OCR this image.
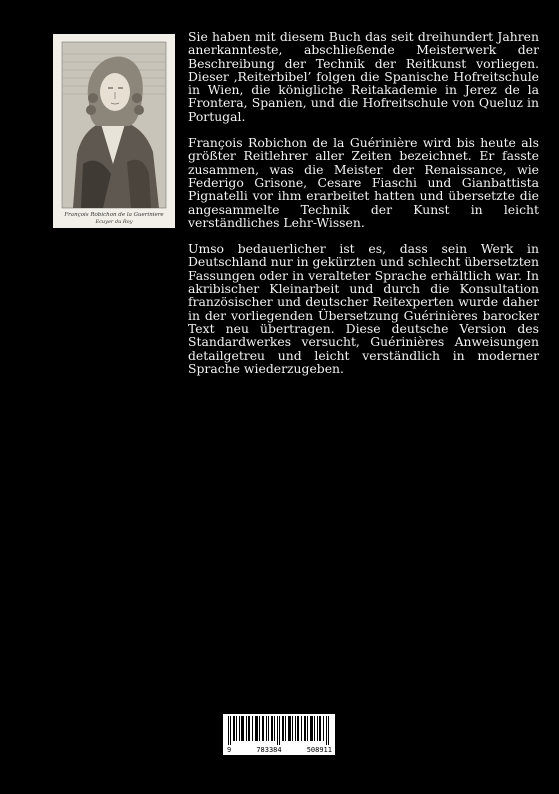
François Robichon de la Gueriniere
Ecuyer du Roy

Sie haben mit diesem Buch das seit dreihundert Jahren anerkannteste, abschließende Meisterwerk der Beschreibung der Technik der Reitkunst vorliegen. Dieser ‚Reiterbibel’ folgen die Spanische Hofreitschule in Wien, die königliche Reitakademie in Jerez de la Frontera, Spanien, und die Hofreitschule von Queluz in Portugal.

François Robichon de la Guérinière wird bis heute als größter Reitlehrer aller Zeiten bezeichnet. Er fasste zusammen, was die Meister der Renaissance, wie Federigo Grisone, Cesare Fiaschi und Gianbattista Pignatelli vor ihm erarbeitet hatten und übersetzte die angesammelte Technik der Kunst in leicht verständliches Lehr-Wissen.

Umso bedauerlicher ist es, dass sein Werk in Deutschland nur in gekürzten und schlecht übersetzten Fassungen oder in veralteter Sprache erhältlich war. In akribischer Kleinarbeit und durch die Konsultation französischer und deutscher Reitexperten wurde daher in der vorliegenden Übersetzung Guérinières barocker Text neu übertragen. Diese deutsche Version des Standardwerkes versucht, Guérinières Anweisungen detailgetreu und leicht verständlich in moderner Sprache wiederzugeben.

9	783384	508911
